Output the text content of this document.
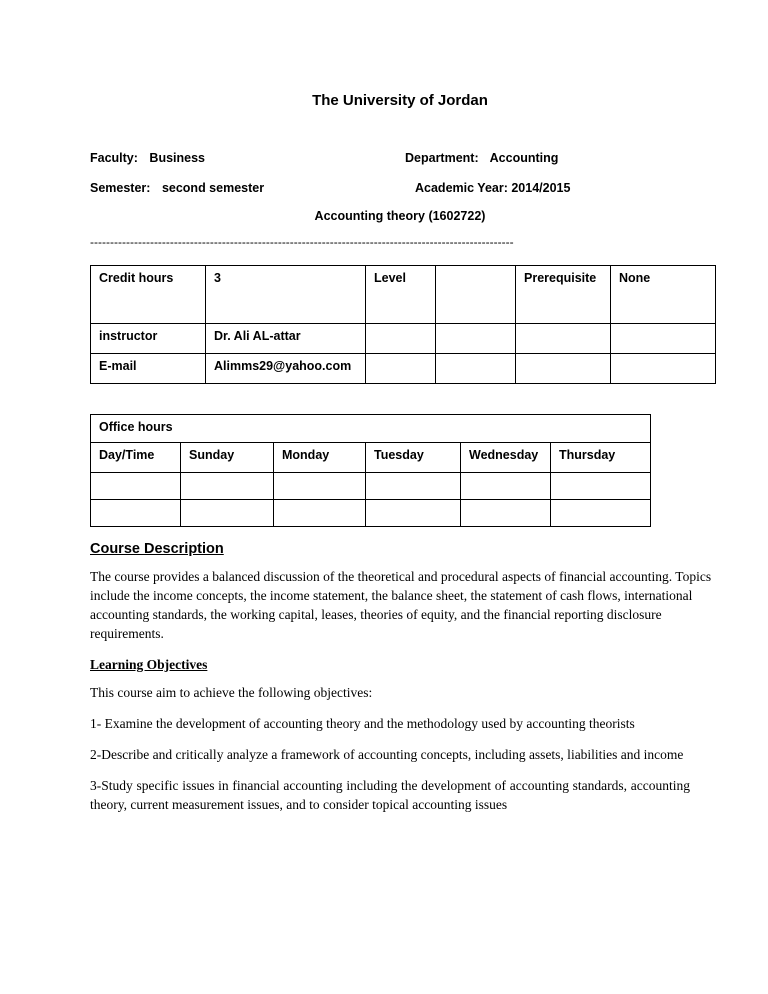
The University of Jordan
Faculty: Business	Department: Accounting
Semester: second semester	Academic Year: 2014/2015
Accounting theory (1602722)
----------------------------------------------------------------------------------------------------------
Credit hours	3	Level		Prerequisite	None
instructor	Dr. Ali AL-attar				
E-mail	Alimms29@yahoo.com				
Office hours					
Day/Time	Sunday	Monday	Tuesday	Wednesday	Thursday

Course Description

The course provides a balanced discussion of the theoretical and procedural aspects of financial accounting. Topics include the income concepts, the income statement, the balance sheet, the statement of cash flows, international accounting standards, the working capital, leases, theories of equity, and the financial reporting disclosure requirements.

Learning Objectives

This course aim to achieve the following objectives:

1- Examine the development of accounting theory and the methodology used by accounting theorists

2-Describe and critically analyze a framework of accounting concepts, including assets, liabilities and income

3-Study specific issues in financial accounting including the development of accounting standards, accounting theory, current measurement issues, and to consider topical accounting issues
